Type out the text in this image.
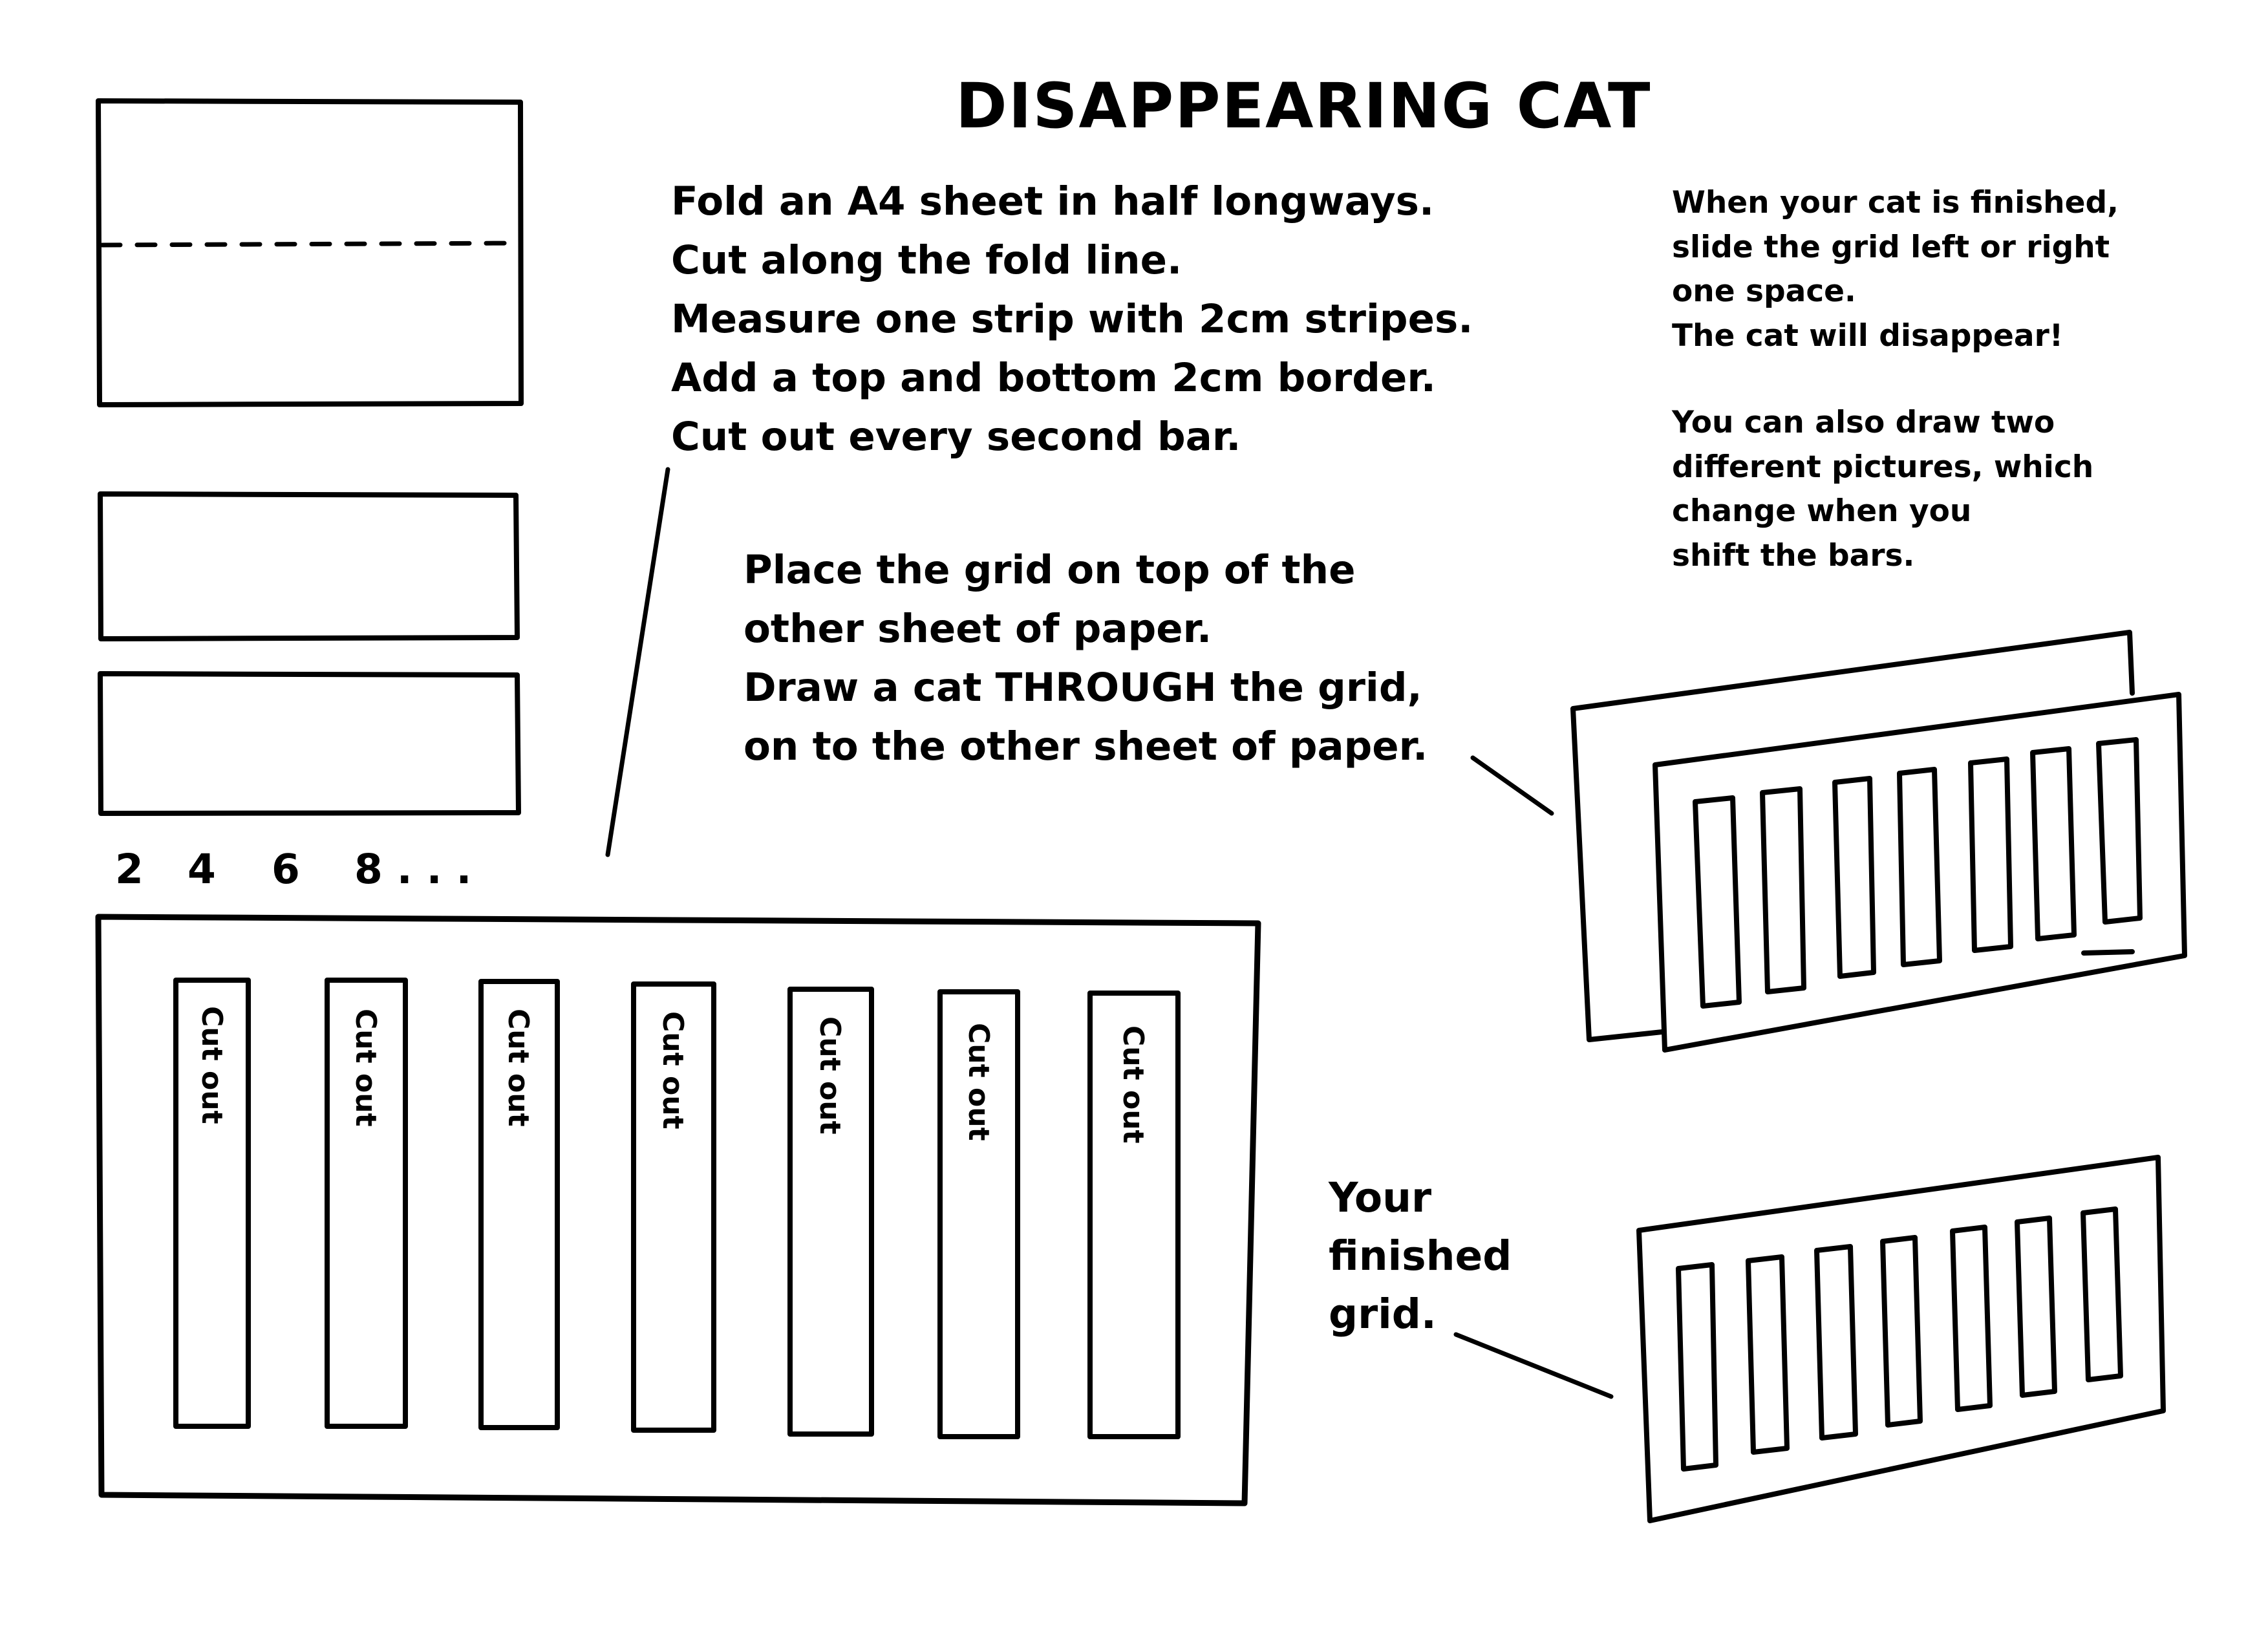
DISAPPEARING CAT
Fold an A4 sheet in half longways.
Cut along the fold line.
Measure one strip with 2cm stripes.
Add a top and bottom 2cm border.
Cut out every second bar.
Place the grid on top of the
other sheet of paper.
Draw a cat THROUGH the grid,
on to the other sheet of paper.
When your cat is finished,
slide the grid left or right
one space.
The cat will disappear!
You can also draw two
different pictures, which
change when you
shift the bars.
2 4 6 8 . . .
Cut out	Cut out	Cut out	Cut out	Cut out	Cut out	Cut out
Your
finished
grid.
